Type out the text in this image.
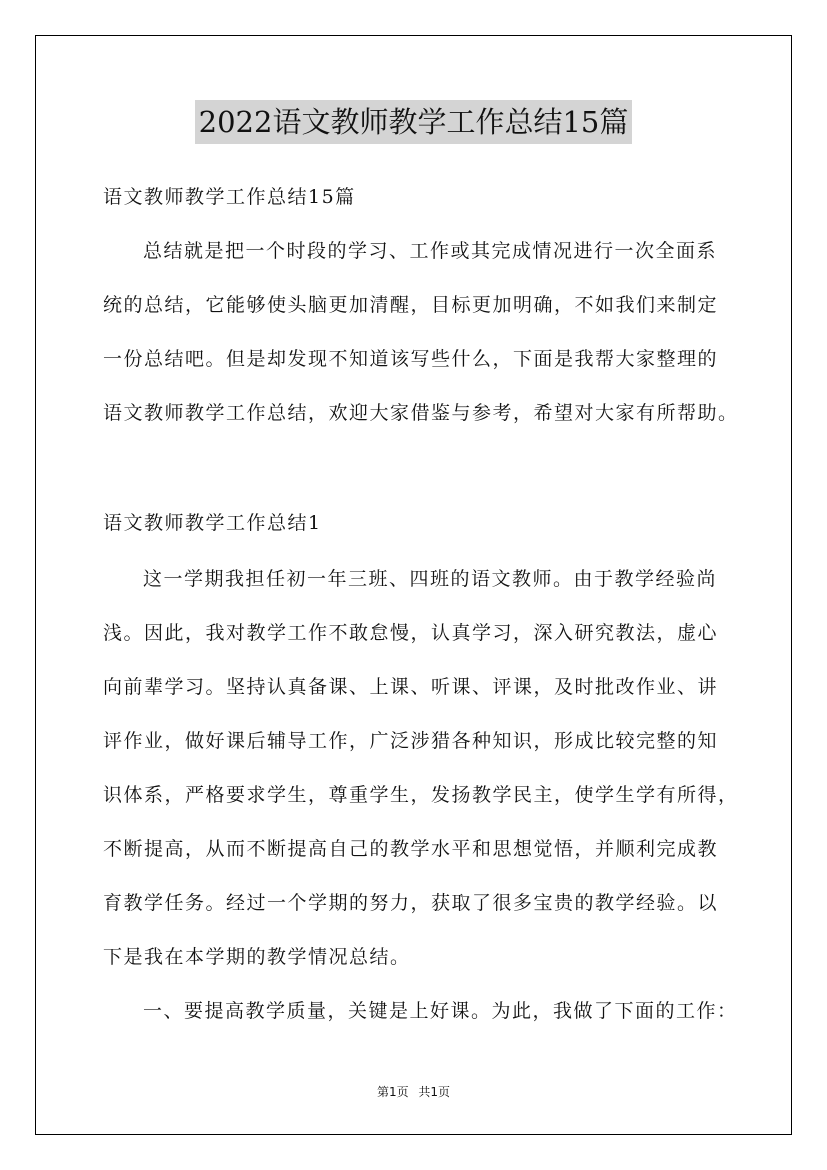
2022语文教师教学工作总结15篇
语文教师教学工作总结15篇
总结就是把一个时段的学习、工作或其完成情况进行一次全面系
统的总结，它能够使头脑更加清醒，目标更加明确，不如我们来制定
一份总结吧。但是却发现不知道该写些什么，下面是我帮大家整理的
语文教师教学工作总结，欢迎大家借鉴与参考，希望对大家有所帮助。
语文教师教学工作总结1
这一学期我担任初一年三班、四班的语文教师。由于教学经验尚
浅。因此，我对教学工作不敢怠慢，认真学习，深入研究教法，虚心
向前辈学习。坚持认真备课、上课、听课、评课，及时批改作业、讲
评作业，做好课后辅导工作，广泛涉猎各种知识，形成比较完整的知
识体系，严格要求学生，尊重学生，发扬教学民主，使学生学有所得，
不断提高，从而不断提高自己的教学水平和思想觉悟，并顺利完成教
育教学任务。经过一个学期的努力，获取了很多宝贵的教学经验。以
下是我在本学期的教学情况总结。
一、要提高教学质量，关键是上好课。为此，我做了下面的工作：
第1页 共1页
